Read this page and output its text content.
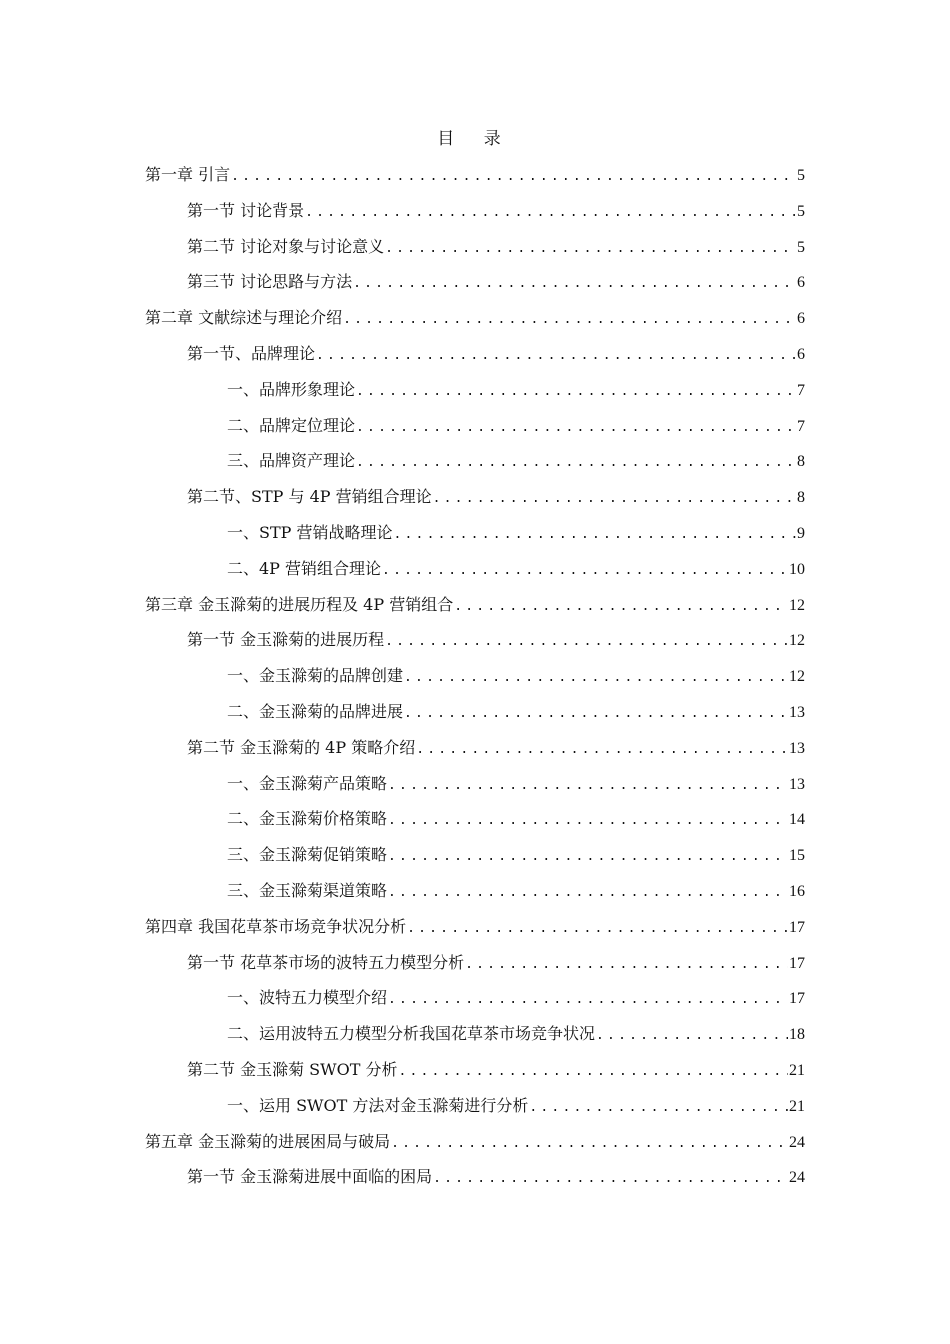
目 录
第一章 引言 .....	5
第一节 讨论背景 .....	5
第二节 讨论对象与讨论意义 .....	5
第三节 讨论思路与方法 .....	6
第二章 文献综述与理论介绍 .....	6
第一节、品牌理论 .....	6
一、品牌形象理论 .....	7
二、品牌定位理论 .....	7
三、品牌资产理论 .....	8
第二节、STP 与 4P 营销组合理论 .....	8
一、STP 营销战略理论 .....	9
二、4P 营销组合理论 .....	10
第三章 金玉滁菊的进展历程及 4P 营销组合 .....	12
第一节 金玉滁菊的进展历程 .....	12
一、金玉滁菊的品牌创建 .....	12
二、金玉滁菊的品牌进展 .....	13
第二节 金玉滁菊的 4P 策略介绍 .....	13
一、金玉滁菊产品策略 .....	13
二、金玉滁菊价格策略 .....	14
三、金玉滁菊促销策略 .....	15
三、金玉滁菊渠道策略 .....	16
第四章 我国花草茶市场竞争状况分析 .....	17
第一节 花草茶市场的波特五力模型分析 .....	17
一、波特五力模型介绍 .....	17
二、运用波特五力模型分析我国花草茶市场竞争状况 .....	18
第二节 金玉滁菊 SWOT 分析 .....	21
一、运用 SWOT 方法对金玉滁菊进行分析 .....	21
第五章 金玉滁菊的进展困局与破局 .....	24
第一节 金玉滁菊进展中面临的困局 .....	24
